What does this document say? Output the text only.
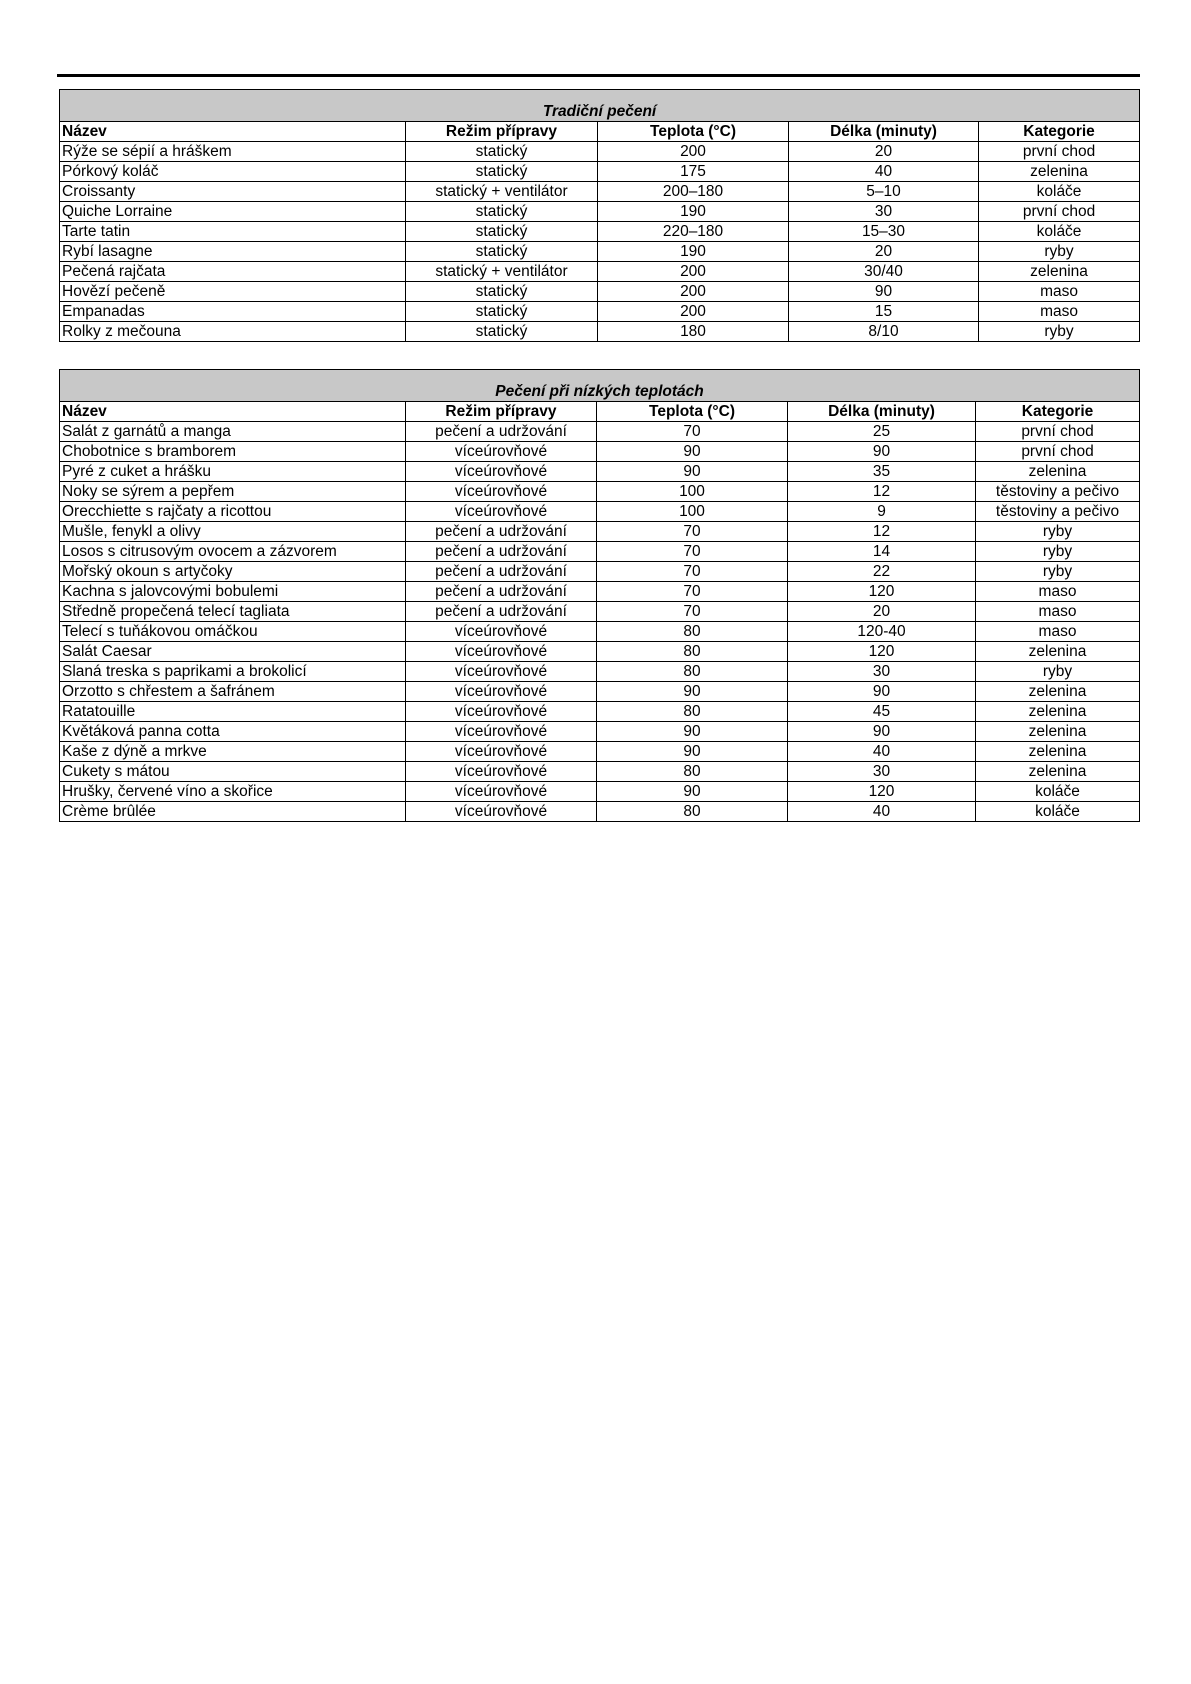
Tradiční pečení				
Název	Režim přípravy	Teplota (°C)	Délka (minuty)	Kategorie
Rýže se sépií a hráškem	statický	200	20	první chod
Pórkový koláč	statický	175	40	zelenina
Croissanty	statický + ventilátor	200–180	5–10	koláče
Quiche Lorraine	statický	190	30	první chod
Tarte tatin	statický	220–180	15–30	koláče
Rybí lasagne	statický	190	20	ryby
Pečená rajčata	statický + ventilátor	200	30/40	zelenina
Hovězí pečeně	statický	200	90	maso
Empanadas	statický	200	15	maso
Rolky z mečouna	statický	180	8/10	ryby
Pečení při nízkých teplotách				
Název	Režim přípravy	Teplota (°C)	Délka (minuty)	Kategorie
Salát z garnátů a manga	pečení a udržování	70	25	první chod
Chobotnice s bramborem	víceúrovňové	90	90	první chod
Pyré z cuket a hrášku	víceúrovňové	90	35	zelenina
Noky se sýrem a pepřem	víceúrovňové	100	12	těstoviny a pečivo
Orecchiette s rajčaty a ricottou	víceúrovňové	100	9	těstoviny a pečivo
Mušle, fenykl a olivy	pečení a udržování	70	12	ryby
Losos s citrusovým ovocem a zázvorem	pečení a udržování	70	14	ryby
Mořský okoun s artyčoky	pečení a udržování	70	22	ryby
Kachna s jalovcovými bobulemi	pečení a udržování	70	120	maso
Středně propečená telecí tagliata	pečení a udržování	70	20	maso
Telecí s tuňákovou omáčkou	víceúrovňové	80	120-40	maso
Salát Caesar	víceúrovňové	80	120	zelenina
Slaná treska s paprikami a brokolicí	víceúrovňové	80	30	ryby
Orzotto s chřestem a šafránem	víceúrovňové	90	90	zelenina
Ratatouille	víceúrovňové	80	45	zelenina
Květáková panna cotta	víceúrovňové	90	90	zelenina
Kaše z dýně a mrkve	víceúrovňové	90	40	zelenina
Cukety s mátou	víceúrovňové	80	30	zelenina
Hrušky, červené víno a skořice	víceúrovňové	90	120	koláče
Crème brûlée	víceúrovňové	80	40	koláče
